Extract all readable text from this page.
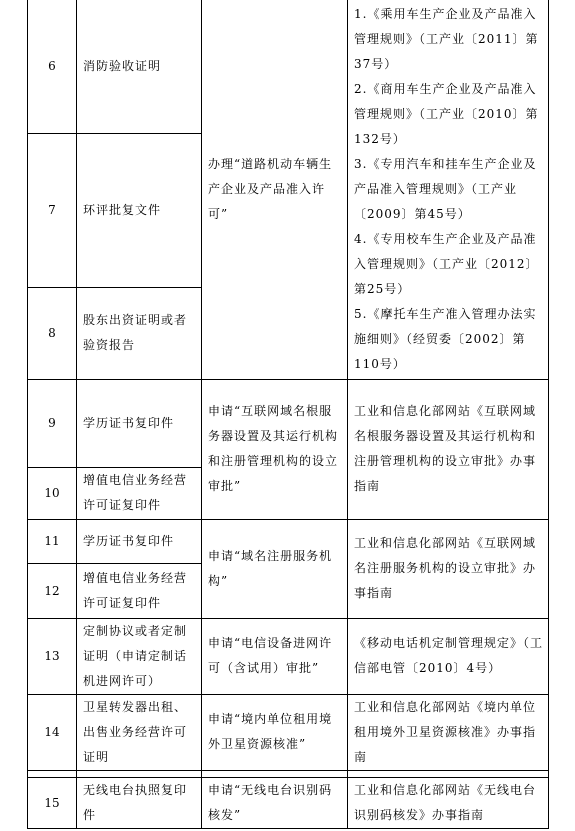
6	消防验收证明	办理“道路机动车辆生产企业及产品准入许可”	1.《乘用车生产企业及产品准入管理规则》（工产业〔2011〕第37号）
2.《商用车生产企业及产品准入管理规则》（工产业〔2010〕第132号）
3.《专用汽车和挂车生产企业及产品准入管理规则》（工产业〔2009〕第45号）
4.《专用校车生产企业及产品准入管理规则》（工产业〔2012〕第25号）
5.《摩托车生产准入管理办法实施细则》（经贸委〔2002〕第110号）

7	环评批复文件		
8	股东出资证明或者验资报告		
9	学历证书复印件	申请“互联网域名根服务器设置及其运行机构和注册管理机构的设立审批”	工业和信息化部网站《互联网域名根服务器设置及其运行机构和注册管理机构的设立审批》办事指南
10	增值电信业务经营许可证复印件		
11	学历证书复印件	申请“域名注册服务机构”	工业和信息化部网站《互联网域名注册服务机构的设立审批》办事指南
12	增值电信业务经营许可证复印件		
13	定制协议或者定制证明（申请定制话机进网许可）	申请“电信设备进网许可（含试用）审批”	《移动电话机定制管理规定》（工信部电管〔2010〕4号）
14	卫星转发器出租、出售业务经营许可证明	申请“境内单位租用境外卫星资源核准”	工业和信息化部网站《境内单位租用境外卫星资源核准》办事指南

15	无线电台执照复印件	申请“无线电台识别码核发”	工业和信息化部网站《无线电台识别码核发》办事指南
